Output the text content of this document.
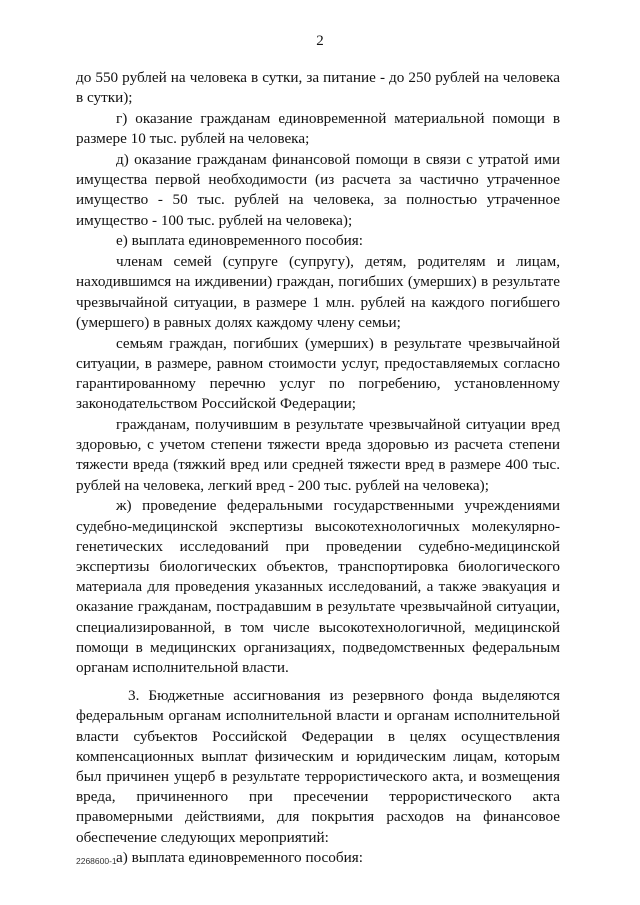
2

до 550 рублей на человека в сутки, за питание - до 250 рублей на человека в сутки);

г) оказание гражданам единовременной материальной помощи в размере 10 тыс. рублей на человека;

д) оказание гражданам финансовой помощи в связи с утратой ими имущества первой необходимости (из расчета за частично утраченное имущество - 50 тыс. рублей на человека, за полностью утраченное имущество - 100 тыс. рублей на человека);

е) выплата единовременного пособия:

членам семей (супруге (супругу), детям, родителям и лицам, находившимся на иждивении) граждан, погибших (умерших) в результате чрезвычайной ситуации, в размере 1 млн. рублей на каждого погибшего (умершего) в равных долях каждому члену семьи;

семьям граждан, погибших (умерших) в результате чрезвычайной ситуации, в размере, равном стоимости услуг, предоставляемых согласно гарантированному перечню услуг по погребению, установленному законодательством Российской Федерации;

гражданам, получившим в результате чрезвычайной ситуации вред здоровью, с учетом степени тяжести вреда здоровью из расчета степени тяжести вреда (тяжкий вред или средней тяжести вред в размере 400 тыс. рублей на человека, легкий вред - 200 тыс. рублей на человека);

ж) проведение федеральными государственными учреждениями судебно-медицинской экспертизы высокотехнологичных молекулярно-генетических исследований при проведении судебно-медицинской экспертизы биологических объектов, транспортировка биологического материала для проведения указанных исследований, а также эвакуация и оказание гражданам, пострадавшим в результате чрезвычайной ситуации, специализированной, в том числе высокотехнологичной, медицинской помощи в медицинских организациях, подведомственных федеральным органам исполнительной власти.

3. Бюджетные ассигнования из резервного фонда выделяются федеральным органам исполнительной власти и органам исполнительной власти субъектов Российской Федерации в целях осуществления компенсационных выплат физическим и юридическим лицам, которым был причинен ущерб в результате террористического акта, и возмещения вреда, причиненного при пресечении террористического акта правомерными действиями, для покрытия расходов на финансовое обеспечение следующих мероприятий:

а) выплата единовременного пособия:

2268600-1
